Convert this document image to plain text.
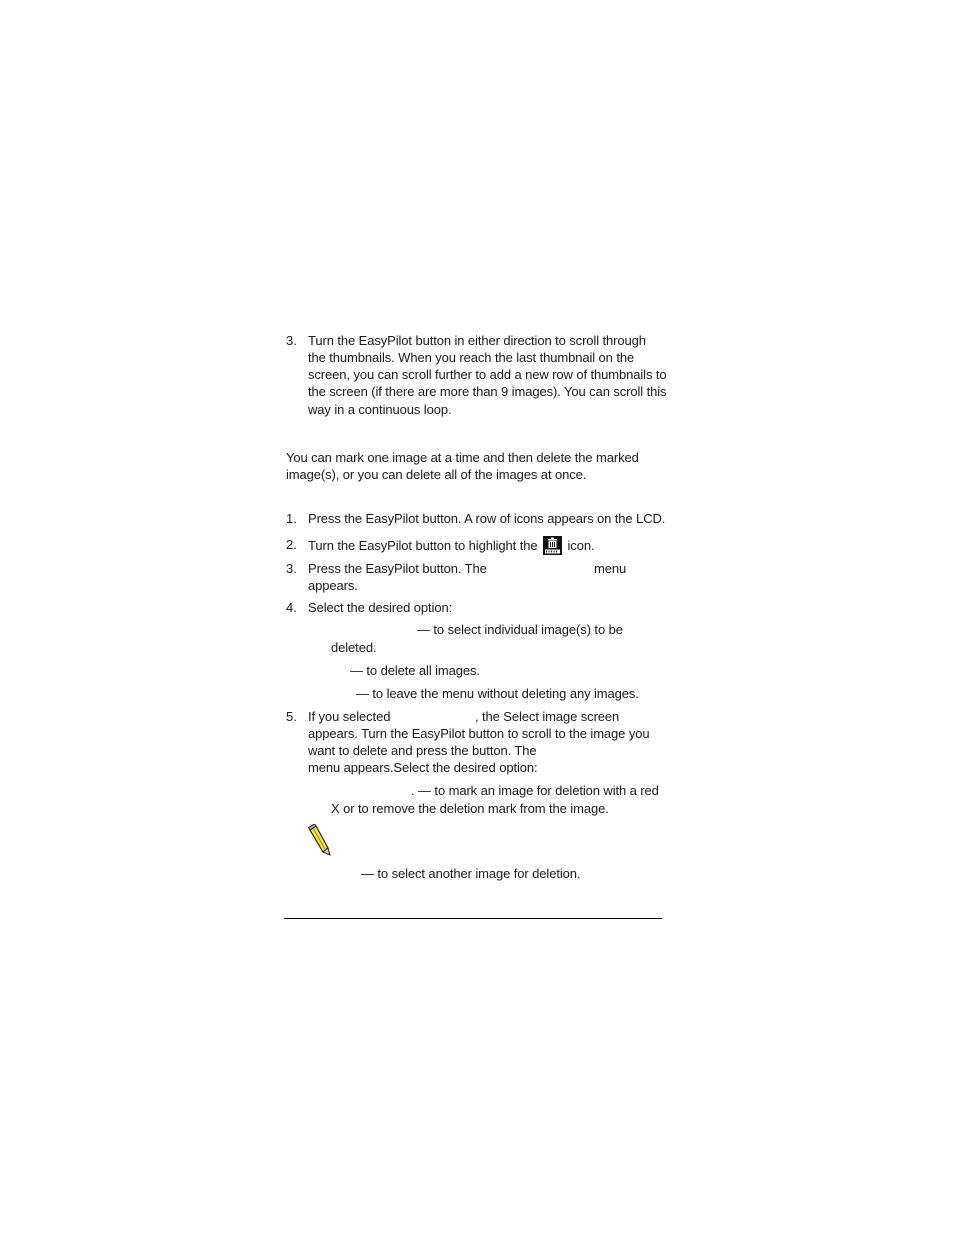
3. Turn the EasyPilot button in either direction to scroll through
the thumbnails. When you reach the last thumbnail on the
screen, you can scroll further to add a new row of thumbnails to
the screen (if there are more than 9 images). You can scroll this
way in a continuous loop.
You can mark one image at a time and then delete the marked
image(s), or you can delete all of the images at once.
1. Press the EasyPilot button. A row of icons appears on the LCD.
2. Turn the EasyPilot button to highlight the icon.
3. Press the EasyPilot button. The	menu
appears.
4. Select the desired option:
— to select individual image(s) to be
deleted.
— to delete all images.
— to leave the menu without deleting any images.
5. If you selected	, the Select image screen
appears. Turn the EasyPilot button to scroll to the image you
want to delete and press the button. The
menu appears.Select the desired option:
. — to mark an image for deletion with a red
X or to remove the deletion mark from the image.
— to select another image for deletion.
